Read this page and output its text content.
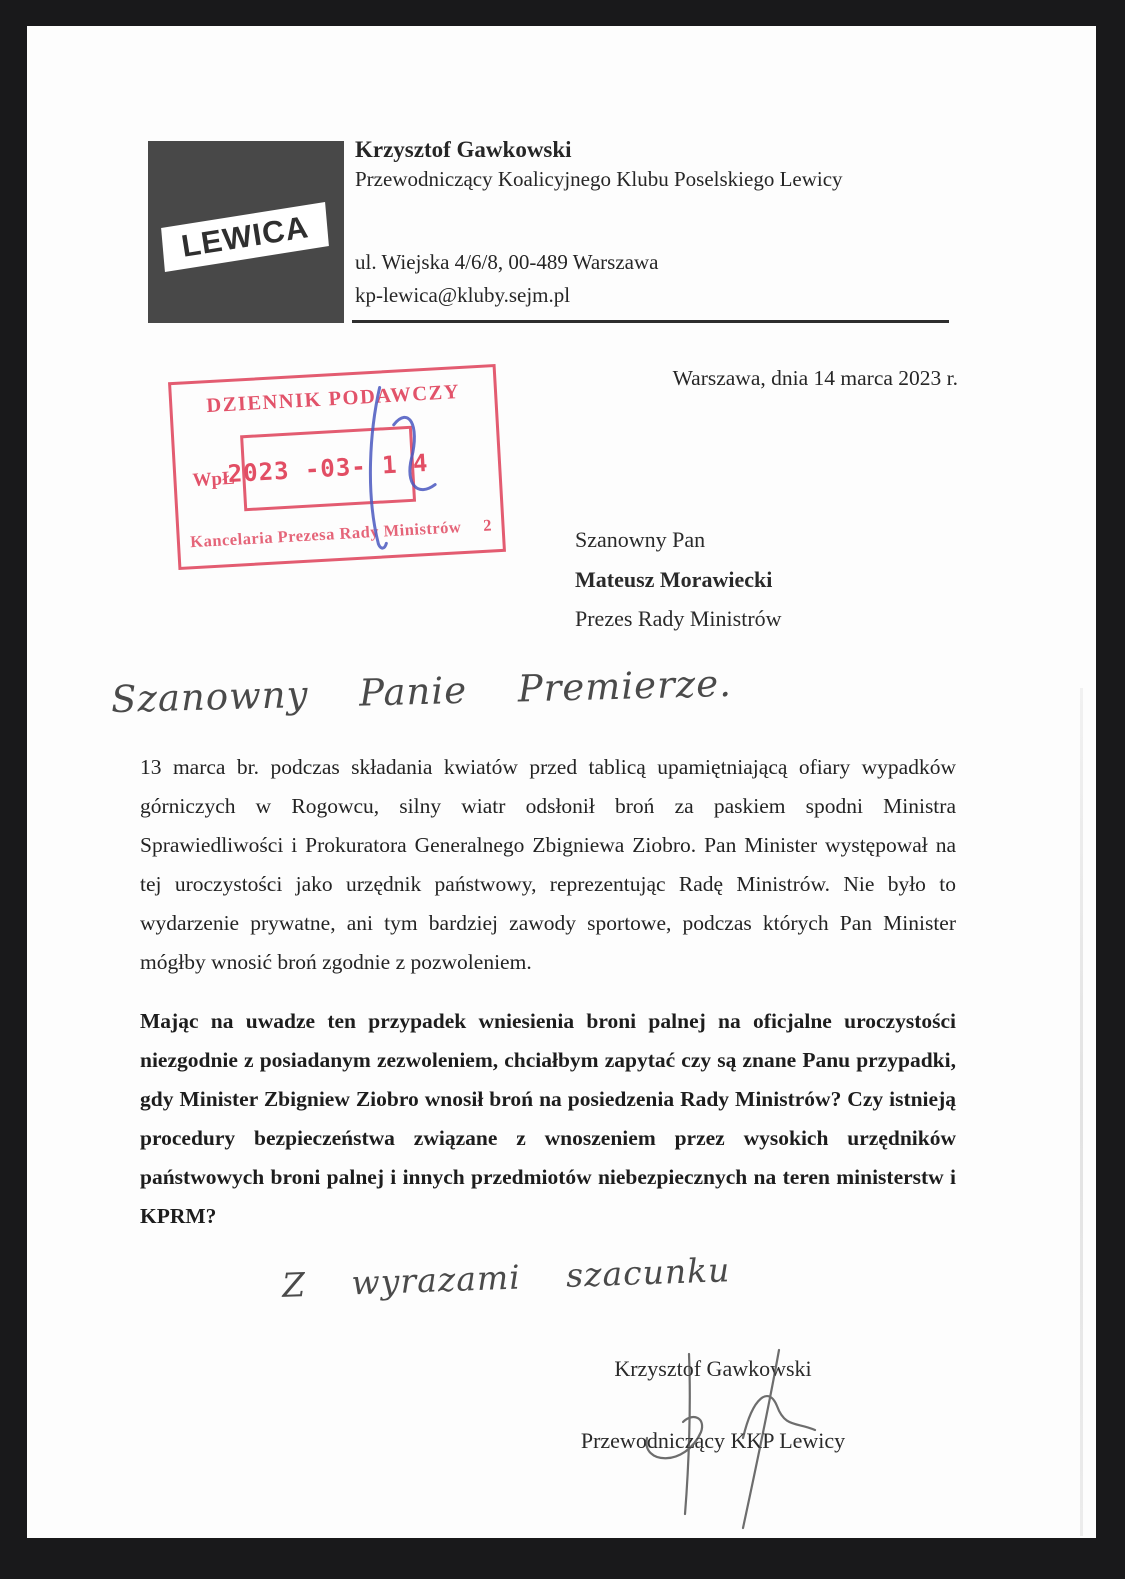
LEWICA
Krzysztof Gawkowski
Przewodniczący Koalicyjnego Klubu Poselskiego Lewicy
ul. Wiejska 4/6/8, 00-489 Warszawa
kp-lewica@kluby.sejm.pl
Warszawa, dnia 14 marca 2023 r.
DZIENNIK PODAWCZY
WpŁ
2023 -03- 1 4
Kancelaria Prezesa Rady Ministrów	2
Szanowny Pan
Mateusz Morawiecki
Prezes Rady Ministrów
Szanowny Panie Premierze.
13 marca br. podczas składania kwiatów przed tablicą upamiętniającą ofiary wypadków górniczych w Rogowcu, silny wiatr odsłonił broń za paskiem spodni Ministra Sprawiedliwości i Prokuratora Generalnego Zbigniewa Ziobro. Pan Minister występował na tej uroczystości jako urzędnik państwowy, reprezentując Radę Ministrów. Nie było to wydarzenie prywatne, ani tym bardziej zawody sportowe, podczas których Pan Minister mógłby wnosić broń zgodnie z pozwoleniem.
Mając na uwadze ten przypadek wniesienia broni palnej na oficjalne uroczystości niezgodnie z posiadanym zezwoleniem, chciałbym zapytać czy są znane Panu przypadki, gdy Minister Zbigniew Ziobro wnosił broń na posiedzenia Rady Ministrów? Czy istnieją procedury bezpieczeństwa związane z wnoszeniem przez wysokich urzędników państwowych broni palnej i innych przedmiotów niebezpiecznych na teren ministerstw i KPRM?
Z wyrazami szacunku
Krzysztof Gawkowski
Przewodniczący KKP Lewicy
